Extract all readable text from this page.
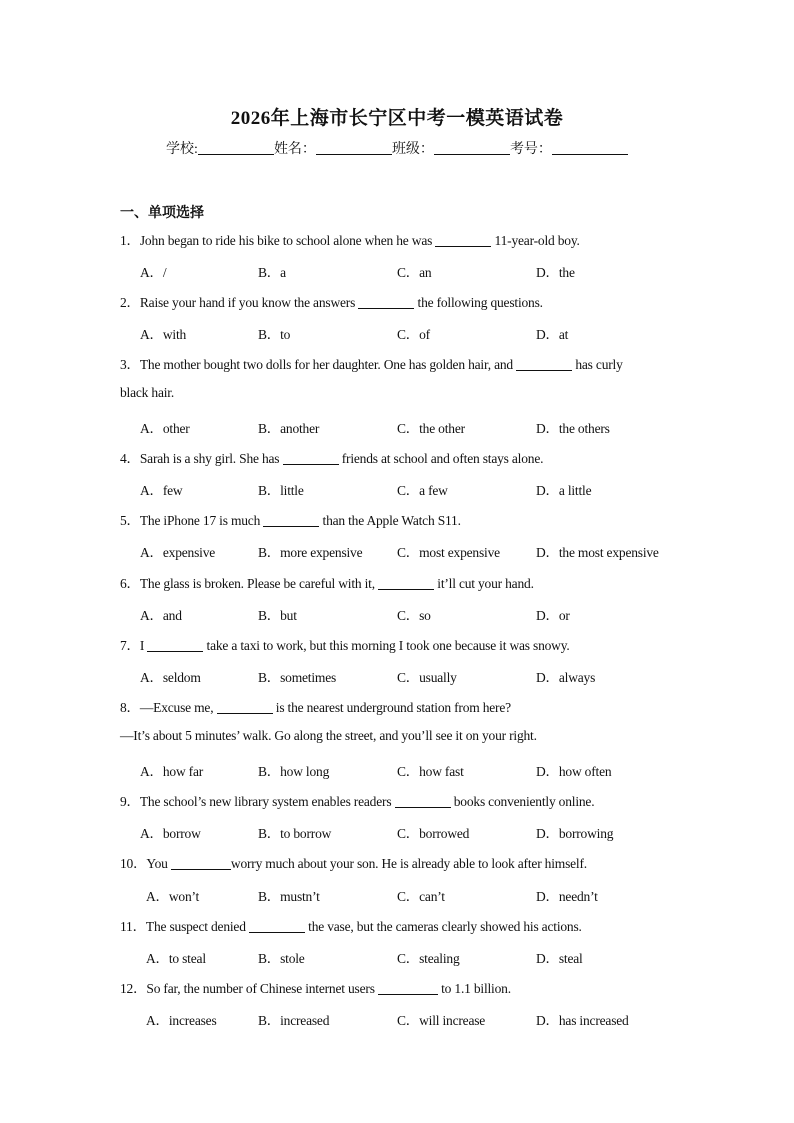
2026年上海市长宁区中考一模英语试卷
学校:	姓名：	班级：	考号：
一、单项选择
1．John began to ride his bike to school alone when he was	11-year-old boy.
A．/	B．a	C．an	D．the
2．Raise your hand if you know the answers	the following questions.
A．with	B．to	C．of	D．at
3．The mother bought two dolls for her daughter. One has golden hair, and	has curly
black hair.
A．other	B．another	C．the other	D．the others
4．Sarah is a shy girl. She has	friends at school and often stays alone.
A．few	B．little	C．a few	D．a little
5．The iPhone 17 is much	than the Apple Watch S11.
A．expensive	B．more expensive	C．most expensive	D．the most expensive
6．The glass is broken. Please be careful with it,	it’ll cut your hand.
A．and	B．but	C．so	D．or
7．I	take a taxi to work, but this morning I took one because it was snowy.
A．seldom	B．sometimes	C．usually	D．always
8．—Excuse me,	is the nearest underground station from here?
—It’s about 5 minutes’ walk. Go along the street, and you’ll see it on your right.
A．how far	B．how long	C．how fast	D．how often
9．The school’s new library system enables readers	books conveniently online.
A．borrow	B．to borrow	C．borrowed	D．borrowing
10．You	worry much about your son. He is already able to look after himself.
A．won’t	B．mustn’t	C．can’t	D．needn’t
11．The suspect denied	the vase, but the cameras clearly showed his actions.
A．to steal	B．stole	C．stealing	D．steal
12．So far, the number of Chinese internet users	to 1.1 billion.
A．increases	B．increased	C．will increase	D．has increased
